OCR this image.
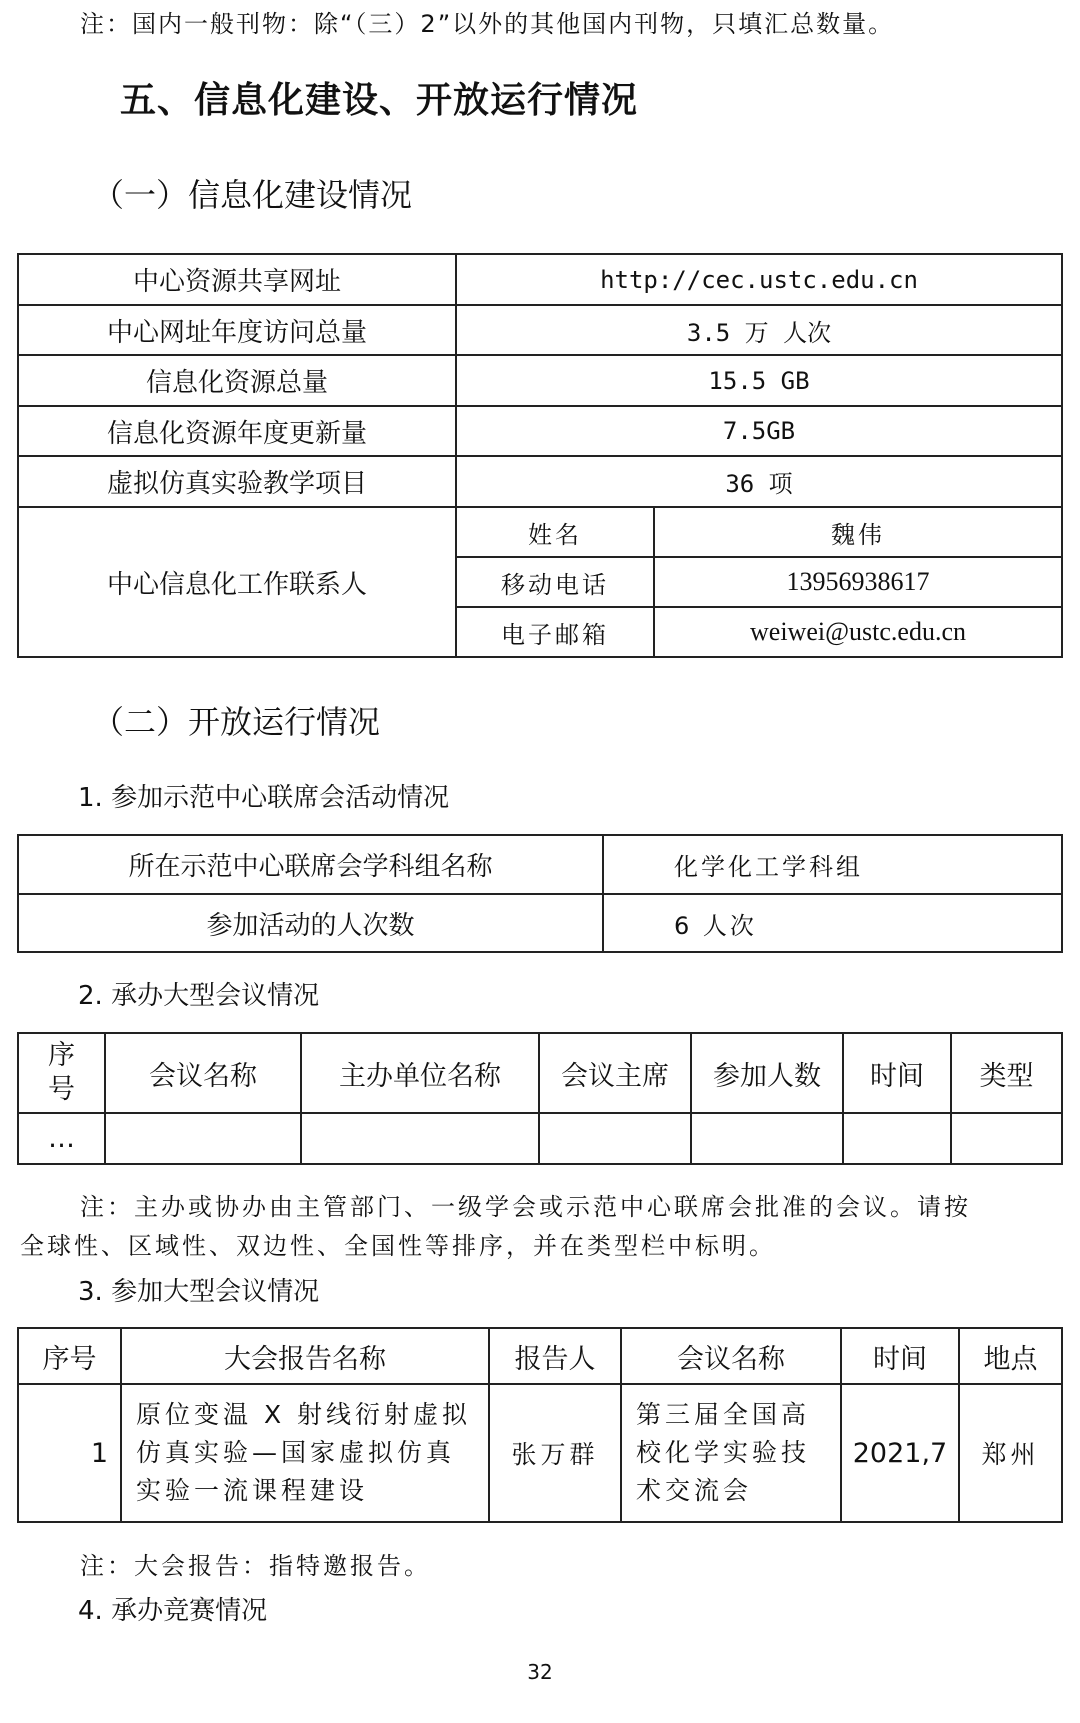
注：国内一般刊物：除“（三）2”以外的其他国内刊物，只填汇总数量。
五、信息化建设、开放运行情况
（一）信息化建设情况
中心资源共享网址	http://cec.ustc.edu.cn	
中心网址年度访问总量	3.5 万 人次	
信息化资源总量	15.5 GB	
信息化资源年度更新量	7.5GB	
虚拟仿真实验教学项目	36 项	
中心信息化工作联系人	姓名	魏伟
	移动电话	13956938617
	电子邮箱	weiwei@ustc.edu.cn
（二）开放运行情况
1. 参加示范中心联席会活动情况
所在示范中心联席会学科组名称	化学化工学科组
参加活动的人次数	6 人次
2. 承办大型会议情况
序号	会议名称	主办单位名称	会议主席	参加人数	时间	类型
…						
注：主办或协办由主管部门、一级学会或示范中心联席会批准的会议。请按
全球性、区域性、双边性、全国性等排序，并在类型栏中标明。
3. 参加大型会议情况
序号	大会报告名称	报告人	会议名称	时间	地点
1	原位变温 X 射线衍射虚拟仿真实验—国家虚拟仿真实验一流课程建设	张万群	第三届全国高校化学实验技术交流会	2021,7	郑州
注：大会报告：指特邀报告。
4. 承办竞赛情况
32
